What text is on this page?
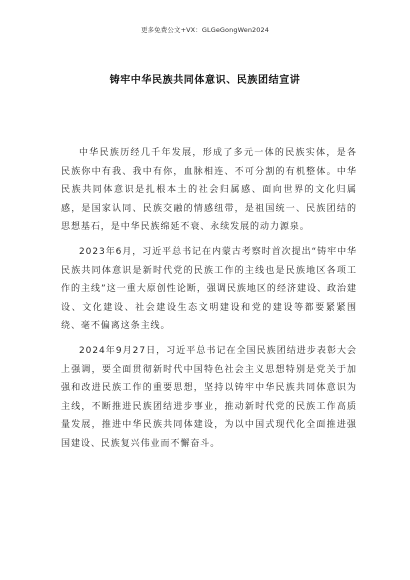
更多免费公文+VX：GLGeGongWen2024
铸牢中华民族共同体意识、民族团结宣讲

中华民族历经几千年发展，形成了多元一体的民族实体，是各民族你中有我、我中有你，血脉相连、不可分割的有机整体。中华民族共同体意识是扎根本土的社会归属感、面向世界的文化归属感，是国家认同、民族交融的情感纽带，是祖国统一、民族团结的思想基石，是中华民族绵延不衰、永续发展的动力源泉。

2023年6月，习近平总书记在内蒙古考察时首次提出“铸牢中华民族共同体意识是新时代党的民族工作的主线也是民族地区各项工作的主线”这一重大原创性论断，强调民族地区的经济建设、政治建设、文化建设、社会建设生态文明建设和党的建设等都要紧紧围绕、毫不偏离这条主线。

2024年9月27日，习近平总书记在全国民族团结进步表彰大会上强调，要全面贯彻新时代中国特色社会主义思想特别是党关于加强和改进民族工作的重要思想，坚持以铸牢中华民族共同体意识为主线，不断推进民族团结进步事业，推动新时代党的民族工作高质量发展，推进中华民族共同体建设，为以中国式现代化全面推进强国建设、民族复兴伟业而不懈奋斗。
